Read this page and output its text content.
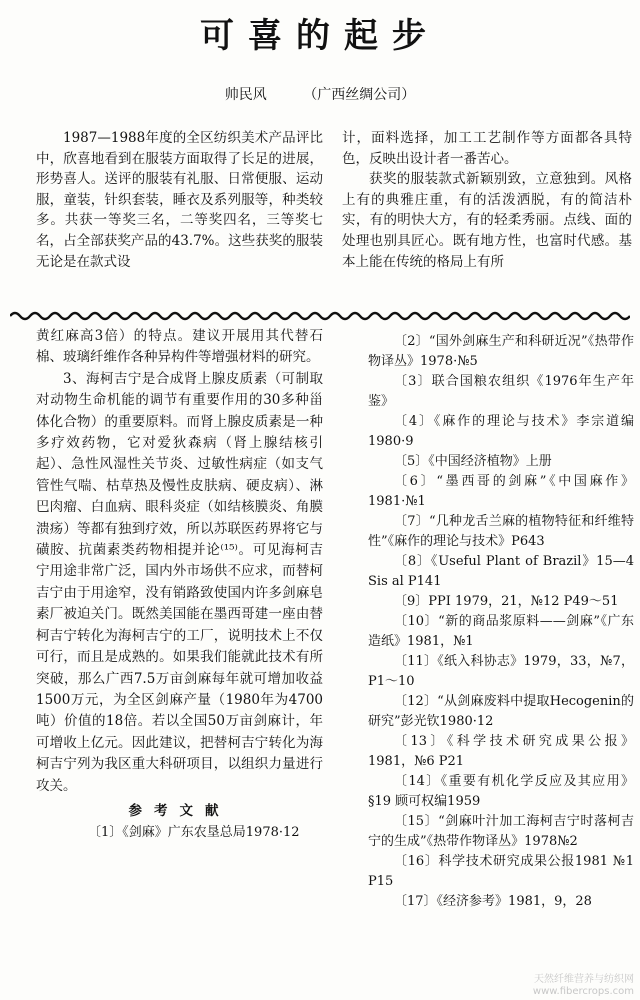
可喜的起步
帅民风	（广西丝绸公司）

1987—1988年度的全区纺织美术产品评比中，欣喜地看到在服装方面取得了长足的进展，形势喜人。送评的服装有礼服、日常便服、运动服，童装，针织套装，睡衣及系列服等，种类较多。共获一等奖三名，二等奖四名，三等奖七名，占全部获奖产品的43.7%。这些获奖的服装无论是在款式设

计，面料选择，加工工艺制作等方面都各具特色，反映出设计者一番苦心。

获奖的服装款式新颖别致，立意独到。风格上有的典雅庄重，有的活泼洒脱，有的简洁朴实，有的明快大方，有的轻柔秀丽。点线、面的处理也别具匠心。既有地方性，也富时代感。基本上能在传统的格局上有所

黄红麻高3倍）的特点。建议开展用其代替石棉、玻璃纤维作各种异构件等增强材料的研究。

3、海柯吉宁是合成肾上腺皮质素（可制取对动物生命机能的调节有重要作用的30多种甾体化合物）的重要原料。而肾上腺皮质素是一种多疗效药物，它对爱狄森病（肾上腺结核引起）、急性风湿性关节炎、过敏性病症（如支气管性气喘、枯草热及慢性皮肤病、硬皮病）、淋巴肉瘤、白血病、眼科炎症（如结核膜炎、角膜溃疡）等都有独到疗效，所以苏联医药界将它与磺胺、抗菌素类药物相提并论⁽¹⁵⁾。可见海柯吉宁用途非常广泛，国内外市场供不应求，而替柯吉宁由于用途窄，没有销路致使国内许多剑麻皂素厂被迫关门。既然美国能在墨西哥建一座由替柯吉宁转化为海柯吉宁的工厂，说明技术上不仅可行，而且是成熟的。如果我们能就此技术有所突破，那么广西7.5万亩剑麻每年就可增加收益1500万元，为全区剑麻产量（1980年为4700吨）价值的18倍。若以全国50万亩剑麻计，年可增收上亿元。因此建议，把替柯吉宁转化为海柯吉宁列为我区重大科研项目，以组织力量进行攻关。

参考文献

〔1〕《剑麻》广东农垦总局1978·12

〔2〕“国外剑麻生产和科研近况”《热带作物译丛》1978·№5

〔3〕联合国粮农组织《1976年生产年鉴》

〔4〕《麻作的理论与技术》李宗道编1980·9

〔5〕《中国经济植物》上册

〔6〕“墨西哥的剑麻”《中国麻作》1981·№1

〔7〕“几种龙舌兰麻的植物特征和纤维特性”《麻作的理论与技术》P643

〔8〕《Useful Plant of Brazil》15—4 Sis al P141

〔9〕PPI 1979，21，№12 P49～51

〔10〕“新的商品浆原料——剑麻”《广东造纸》1981，№1

〔11〕《纸入科协志》1979，33，№7，P1～10

〔12〕“从剑麻废料中提取Hecogenin的研究”彭光钦1980·12

〔13〕《科学技术研究成果公报》1981，№6 P21

〔14〕《重要有机化学反应及其应用》§19 顾可权编1959

〔15〕“剑麻叶汁加工海柯吉宁时落柯吉宁的生成”《热带作物译丛》1978№2

〔16〕科学技术研究成果公报1981 №1 P15

〔17〕《经济参考》1981，9，28

天然纤维营养与纺织网
www.fibercrops.com
